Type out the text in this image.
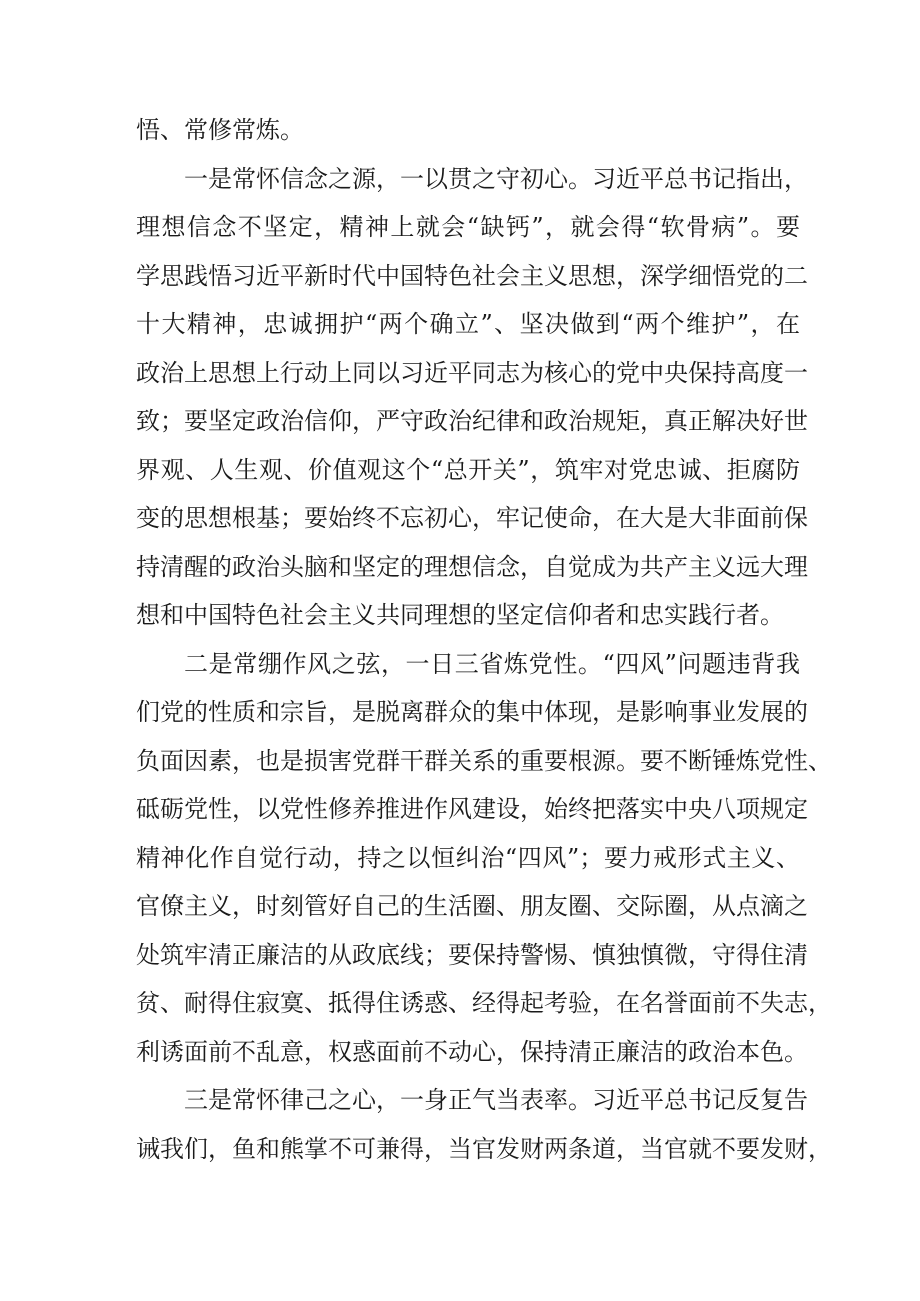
悟、常修常炼。
一是常怀信念之源，一以贯之守初心。习近平总书记指出，
理想信念不坚定，精神上就会“缺钙”，就会得“软骨病”。要
学思践悟习近平新时代中国特色社会主义思想，深学细悟党的二
十大精神，忠诚拥护“两个确立”、坚决做到“两个维护”，在
政治上思想上行动上同以习近平同志为核心的党中央保持高度一
致；要坚定政治信仰，严守政治纪律和政治规矩，真正解决好世
界观、人生观、价值观这个“总开关”，筑牢对党忠诚、拒腐防
变的思想根基；要始终不忘初心，牢记使命，在大是大非面前保
持清醒的政治头脑和坚定的理想信念，自觉成为共产主义远大理
想和中国特色社会主义共同理想的坚定信仰者和忠实践行者。
二是常绷作风之弦，一日三省炼党性。“四风”问题违背我
们党的性质和宗旨，是脱离群众的集中体现，是影响事业发展的
负面因素，也是损害党群干群关系的重要根源。要不断锤炼党性、
砥砺党性，以党性修养推进作风建设，始终把落实中央八项规定
精神化作自觉行动，持之以恒纠治“四风”；要力戒形式主义、
官僚主义，时刻管好自己的生活圈、朋友圈、交际圈，从点滴之
处筑牢清正廉洁的从政底线；要保持警惕、慎独慎微，守得住清
贫、耐得住寂寞、抵得住诱惑、经得起考验，在名誉面前不失志，
利诱面前不乱意，权惑面前不动心，保持清正廉洁的政治本色。
三是常怀律己之心，一身正气当表率。习近平总书记反复告
诫我们，鱼和熊掌不可兼得，当官发财两条道，当官就不要发财，
